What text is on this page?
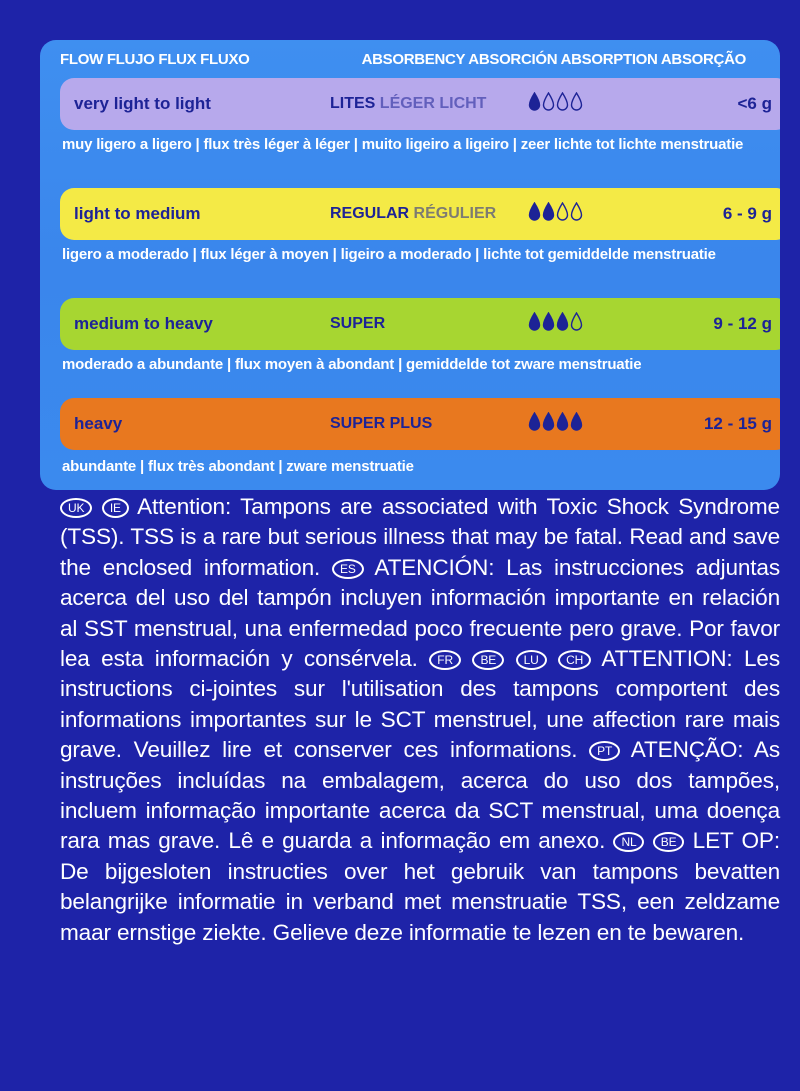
FLOW FLUJO FLUX FLUXO	ABSORBENCY ABSORCIÓN ABSORPTION ABSORÇÃO
very light to light	LITES LÉGER LICHT	<6 g
muy ligero a ligero | flux très léger à léger | muito ligeiro a ligeiro | zeer lichte tot lichte menstruatie
light to medium	REGULAR RÉGULIER	6 - 9 g
ligero a moderado | flux léger à moyen | ligeiro a moderado | lichte tot gemiddelde menstruatie
medium to heavy	SUPER	9 - 12 g
moderado a abundante | flux moyen à abondant | gemiddelde tot zware menstruatie
heavy	SUPER PLUS	12 - 15 g
abundante | flux très abondant | zware menstruatie

UK IE Attention: Tampons are associated with Toxic Shock Syndrome (TSS). TSS is a rare but serious illness that may be fatal. Read and save the enclosed information. ES ATENCIÓN: Las instrucciones adjuntas acerca del uso del tampón incluyen información importante en relación al SST menstrual, una enfermedad poco frecuente pero grave. Por favor lea esta información y consérvela. FR BE LU CH ATTENTION: Les instructions ci-jointes sur l'utilisation des tampons comportent des informations importantes sur le SCT menstruel, une affection rare mais grave. Veuillez lire et conserver ces informations. PT ATENÇÃO: As instruções incluídas na embalagem, acerca do uso dos tampões, incluem informação importante acerca da SCT menstrual, uma doença rara mas grave. Lê e guarda a informação em anexo. NL BE LET OP: De bijgesloten instructies over het gebruik van tampons bevatten belangrijke informatie in verband met menstruatie TSS, een zeldzame maar ernstige ziekte. Gelieve deze informatie te lezen en te bewaren.
